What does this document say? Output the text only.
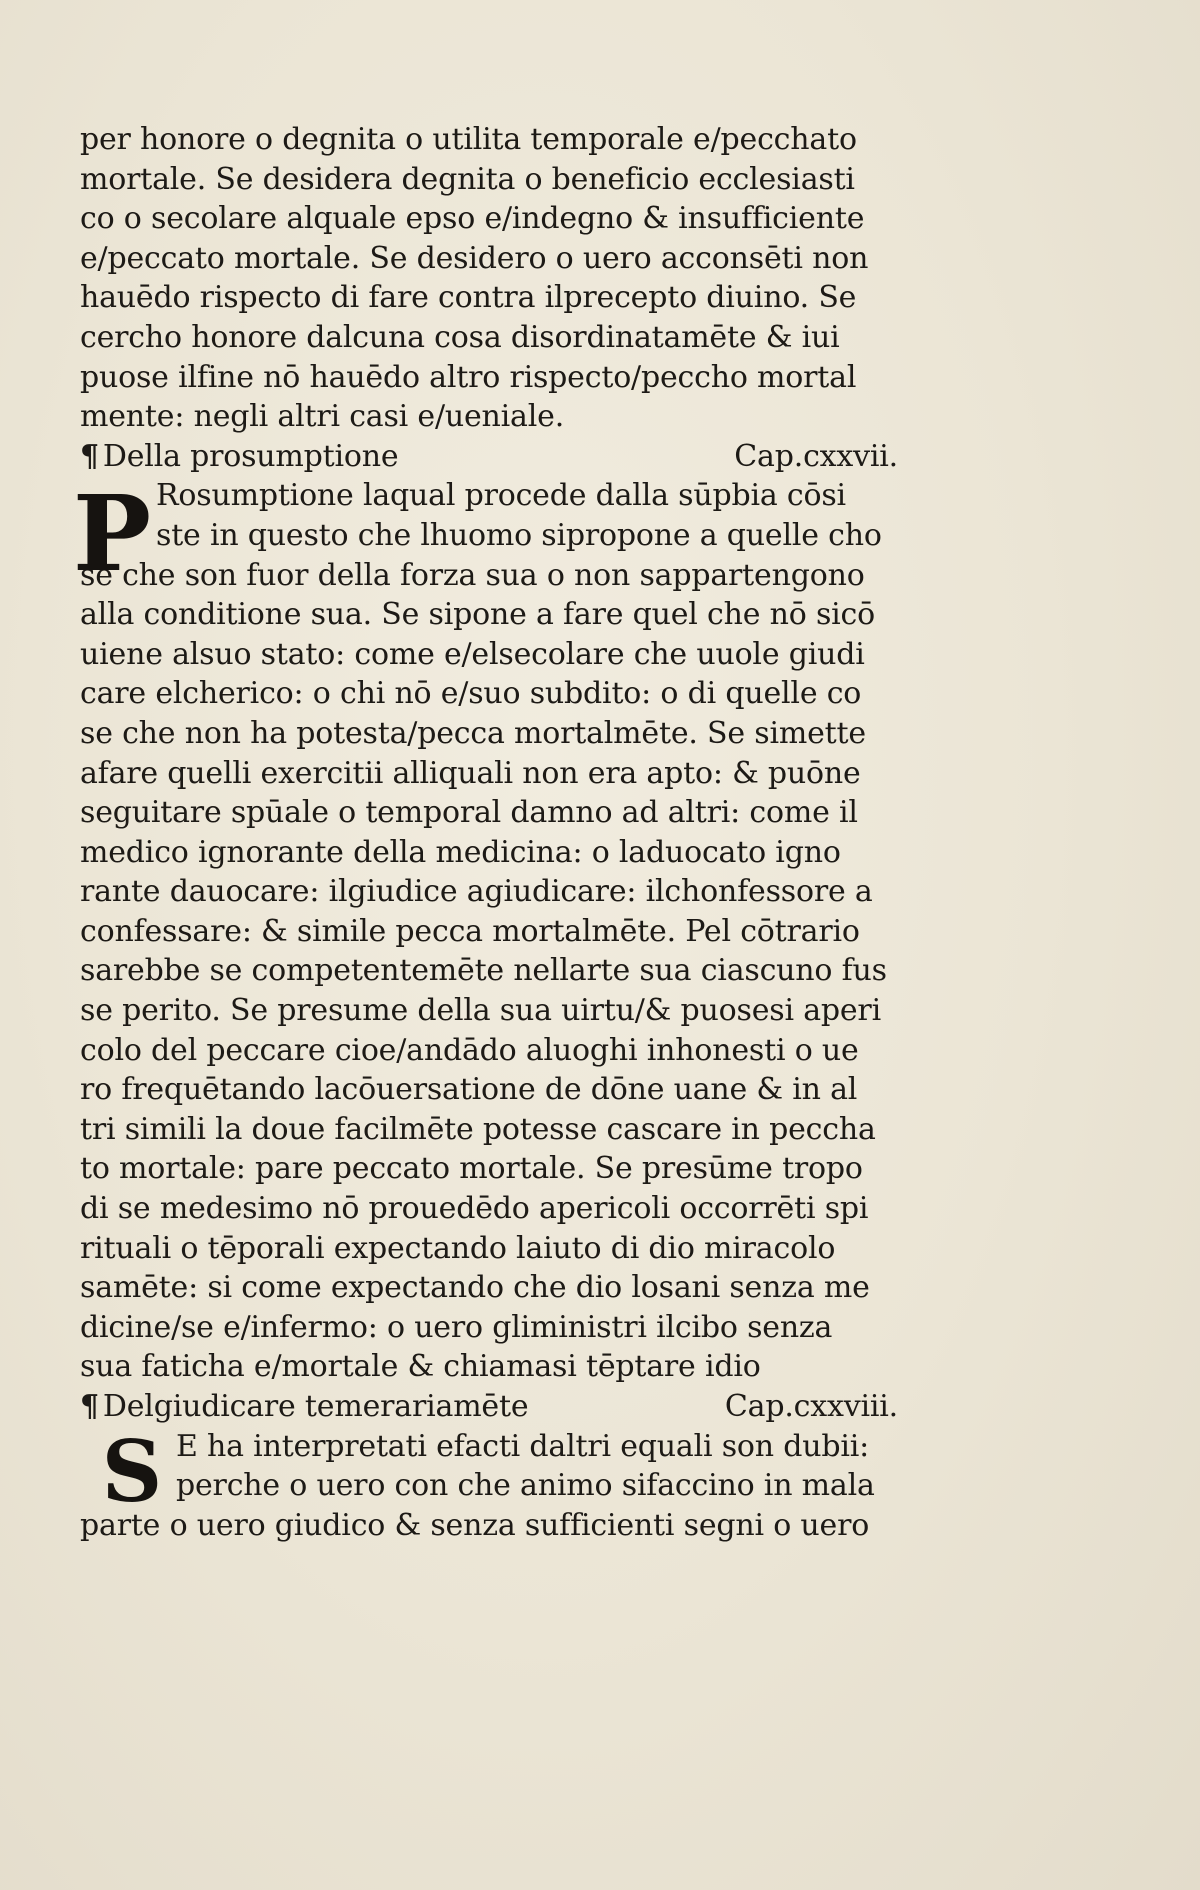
per honore o degnita o utilita temporale e/pecchato
mortale. Se desidera degnita o beneficio ecclesiasti
co o secolare alquale epso e/indegno & insufficiente
e/peccato mortale. Se desidero o uero acconsēti non
hauēdo rispecto di fare contra ilprecepto diuino. Se
cercho honore dalcuna cosa disordinatamēte & iui
puose ilfine nō hauēdo altro rispecto/peccho mortal
mente: negli altri casi e/ueniale.
¶ Della prosumptione	Cap.cxxvii.
Rosumptione laqual procede dalla sūpbia cōsi
ste in questo che lhuomo sipropone a quelle cho
se che son fuor della forza sua o non sappartengono
alla conditione sua. Se sipone a fare quel che nō sicō
uiene alsuo stato: come e/elsecolare che uuole giudi
care elcherico: o chi nō e/suo subdito: o di quelle co
se che non ha potesta/pecca mortalmēte. Se simette
afare quelli exercitii alliquali non era apto: & puōne
seguitare spūale o temporal damno ad altri: come il
medico ignorante della medicina: o laduocato igno
rante dauocare: ilgiudice agiudicare: ilchonfessore a
confessare: & simile pecca mortalmēte. Pel cōtrario
sarebbe se competentemēte nellarte sua ciascuno fus
se perito. Se presume della sua uirtu/& puosesi aperi
colo del peccare cioe/andādo aluoghi inhonesti o ue
ro frequētando lacōuersatione de dōne uane & in al
tri simili la doue facilmēte potesse cascare in peccha
to mortale: pare peccato mortale. Se presūme tropo
di se medesimo nō prouedēdo apericoli occorrēti spi
rituali o tēporali expectando laiuto di dio miracolo
samēte: si come expectando che dio losani senza me
dicine/se e/infermo: o uero gliministri ilcibo senza
sua faticha e/mortale & chiamasi tēptare idio
¶ Delgiudicare temerariamēte	Cap.cxxviii.
E ha interpretati efacti daltri equali son dubii:
perche o uero con che animo sifaccino in mala
parte o uero giudico & senza sufficienti segni o uero
P
S
